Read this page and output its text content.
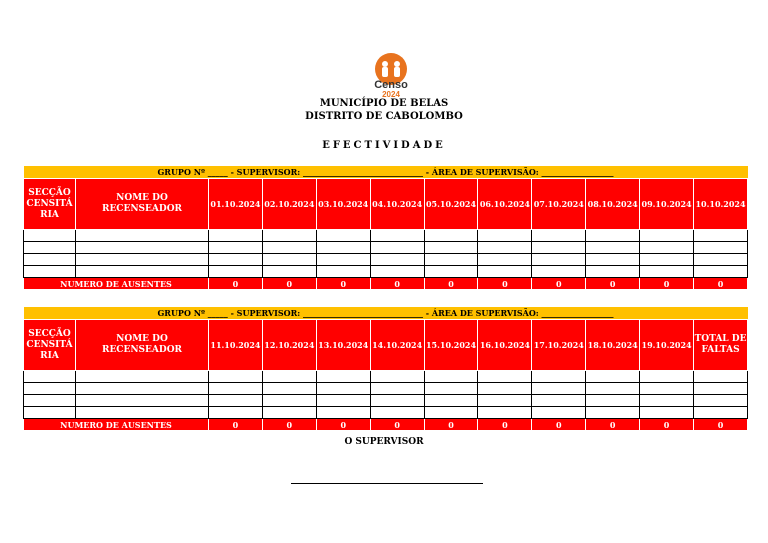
Censo
2024
MUNICÍPIO DE BELAS
DISTRITO DE CABOLOMBO
EFECTIVIDADE
GRUPO Nº _____ - SUPERVISOR: ______________________________ - ÁREA DE SUPERVISÃO: __________________											
SECÇÃO CENSITÁ RIA	NOME DO RECENSEADOR	01.10.2024	02.10.2024	03.10.2024	04.10.2024	05.10.2024	06.10.2024	07.10.2024	08.10.2024	09.10.2024	10.10.2024

NUMERO DE AUSENTES		0	0	0	0	0	0	0	0	0	0
GRUPO Nº _____ - SUPERVISOR: ______________________________ - ÁREA DE SUPERVISÃO: __________________											
SECÇÃO CENSITÁ RIA	NOME DO RECENSEADOR	11.10.2024	12.10.2024	13.10.2024	14.10.2024	15.10.2024	16.10.2024	17.10.2024	18.10.2024	19.10.2024	TOTAL DE FALTAS

NUMERO DE AUSENTES		0	0	0	0	0	0	0	0	0	0
O SUPERVISOR
